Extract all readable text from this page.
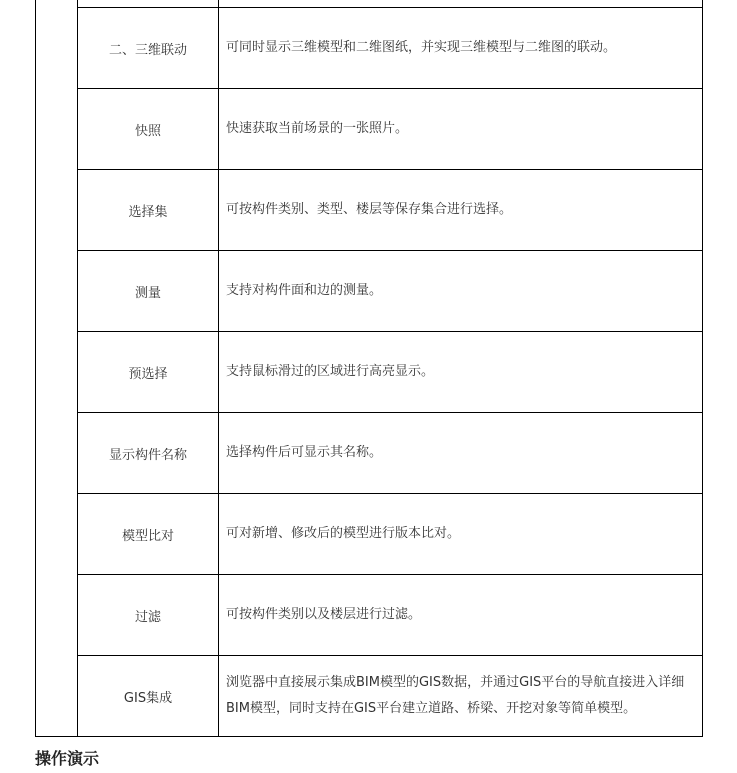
	二、三维联动	可同时显示三维模型和二维图纸，并实现三维模型与二维图的联动。
	快照	快速获取当前场景的一张照片。
	选择集	可按构件类别、类型、楼层等保存集合进行选择。
	测量	支持对构件面和边的测量。
	预选择	支持鼠标滑过的区域进行高亮显示。
	显示构件名称	选择构件后可显示其名称。
	模型比对	可对新增、修改后的模型进行版本比对。
	过滤	可按构件类别以及楼层进行过滤。
	GIS集成	浏览器中直接展示集成BIM模型的GIS数据，并通过GIS平台的导航直接进入详细BIM模型，同时支持在GIS平台建立道路、桥梁、开挖对象等简单模型。
操作演示
